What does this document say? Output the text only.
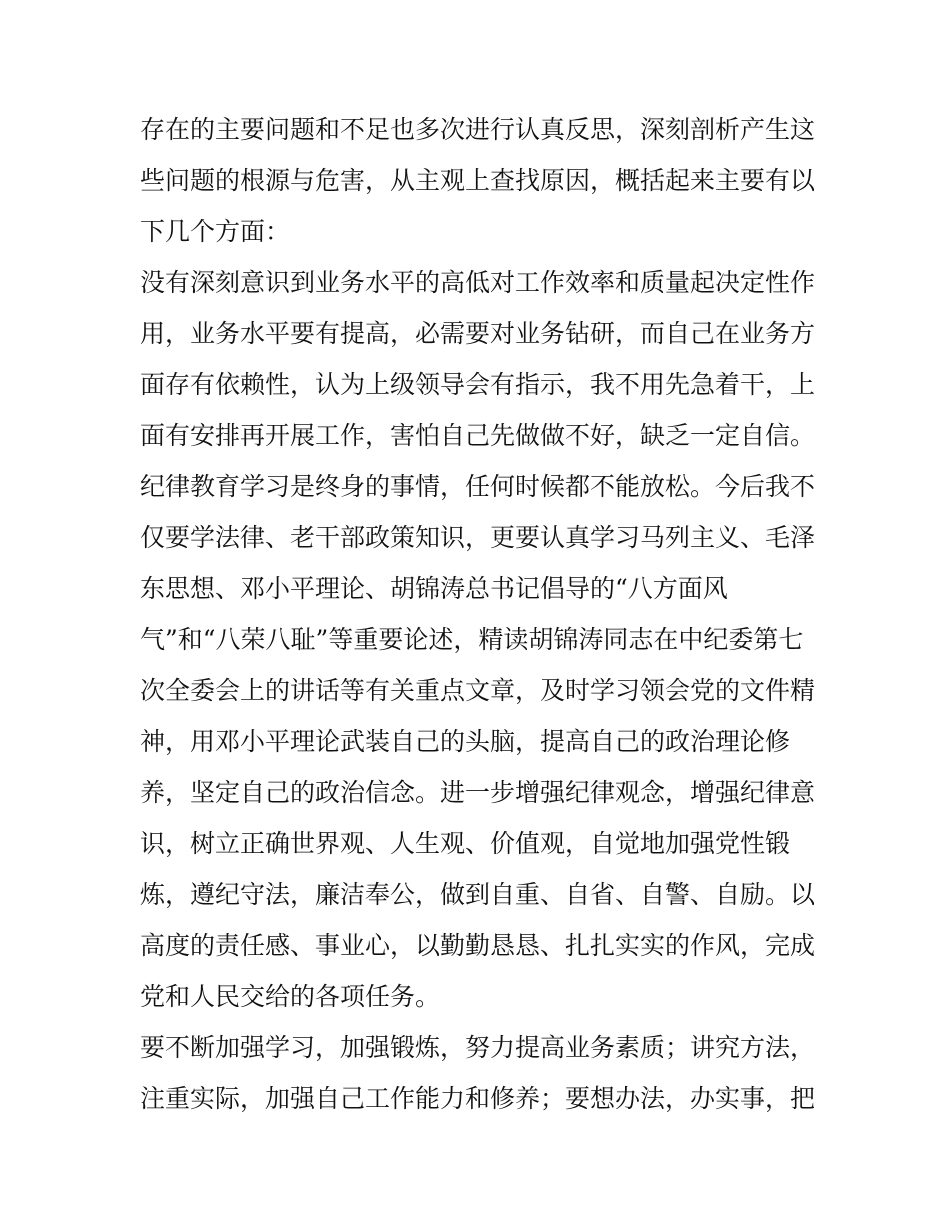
存在的主要问题和不足也多次进行认真反思，深刻剖析产生这
些问题的根源与危害，从主观上查找原因，概括起来主要有以
下几个方面：
没有深刻意识到业务水平的高低对工作效率和质量起决定性作
用，业务水平要有提高，必需要对业务钻研，而自己在业务方
面存有依赖性，认为上级领导会有指示，我不用先急着干，上
面有安排再开展工作，害怕自己先做做不好，缺乏一定自信。
纪律教育学习是终身的事情，任何时候都不能放松。今后我不
仅要学法律、老干部政策知识，更要认真学习马列主义、毛泽
东思想、邓小平理论、胡锦涛总书记倡导的“八方面风
气”和“八荣八耻”等重要论述，精读胡锦涛同志在中纪委第七
次全委会上的讲话等有关重点文章，及时学习领会党的文件精
神，用邓小平理论武装自己的头脑，提高自己的政治理论修
养，坚定自己的政治信念。进一步增强纪律观念，增强纪律意
识，树立正确世界观、人生观、价值观，自觉地加强党性锻
炼，遵纪守法，廉洁奉公，做到自重、自省、自警、自励。以
高度的责任感、事业心，以勤勤恳恳、扎扎实实的作风，完成
党和人民交给的各项任务。
要不断加强学习，加强锻炼，努力提高业务素质；讲究方法，
注重实际，加强自己工作能力和修养；要想办法，办实事，把
